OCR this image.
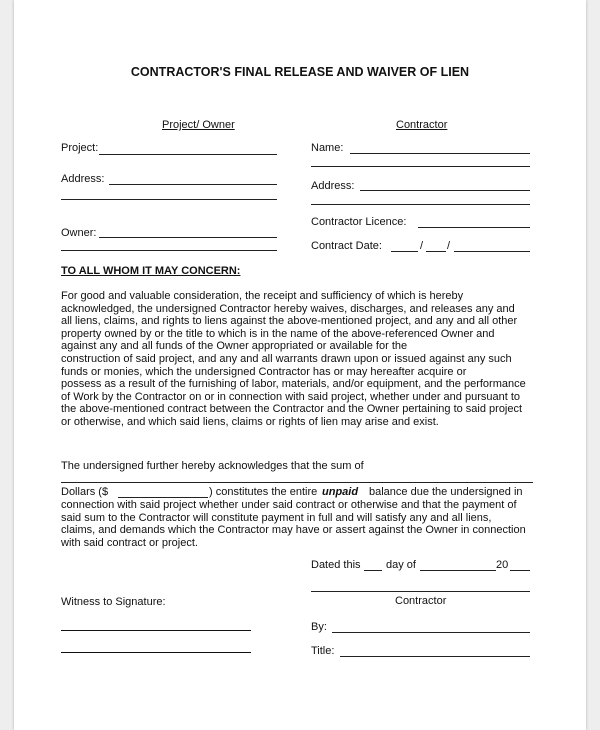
CONTRACTOR'S FINAL RELEASE AND WAIVER OF LIEN
Project/ Owner	Contractor
Project:
Address:
Owner:
Name:
Address:
Contractor Licence:
Contract Date:	/ /
TO ALL WHOM IT MAY CONCERN:
For good and valuable consideration, the receipt and sufficiency of which is hereby
acknowledged, the undersigned Contractor hereby waives, discharges, and releases any and
all liens, claims, and rights to liens against the above-mentioned project, and any and all other
property owned by or the title to which is in the name of the above-referenced Owner and
against any and all funds of the Owner appropriated or available for the
construction of said project, and any and all warrants drawn upon or issued against any such
funds or monies, which the undersigned Contractor has or may hereafter acquire or
possess as a result of the furnishing of labor, materials, and/or equipment, and the performance
of Work by the Contractor on or in connection with said project, whether under and pursuant to
the above-mentioned contract between the Contractor and the Owner pertaining to said project
or otherwise, and which said liens, claims or rights of lien may arise and exist.
The undersigned further hereby acknowledges that the sum of
Dollars ($	) constitutes the entire unpaid balance due the undersigned in
connection with said project whether under said contract or otherwise and that the payment of
said sum to the Contractor will constitute payment in full and will satisfy any and all liens,
claims, and demands which the Contractor may have or assert against the Owner in connection
with said contract or project.
Dated this day of	20
Contractor
Witness to Signature:
By:
Title:
